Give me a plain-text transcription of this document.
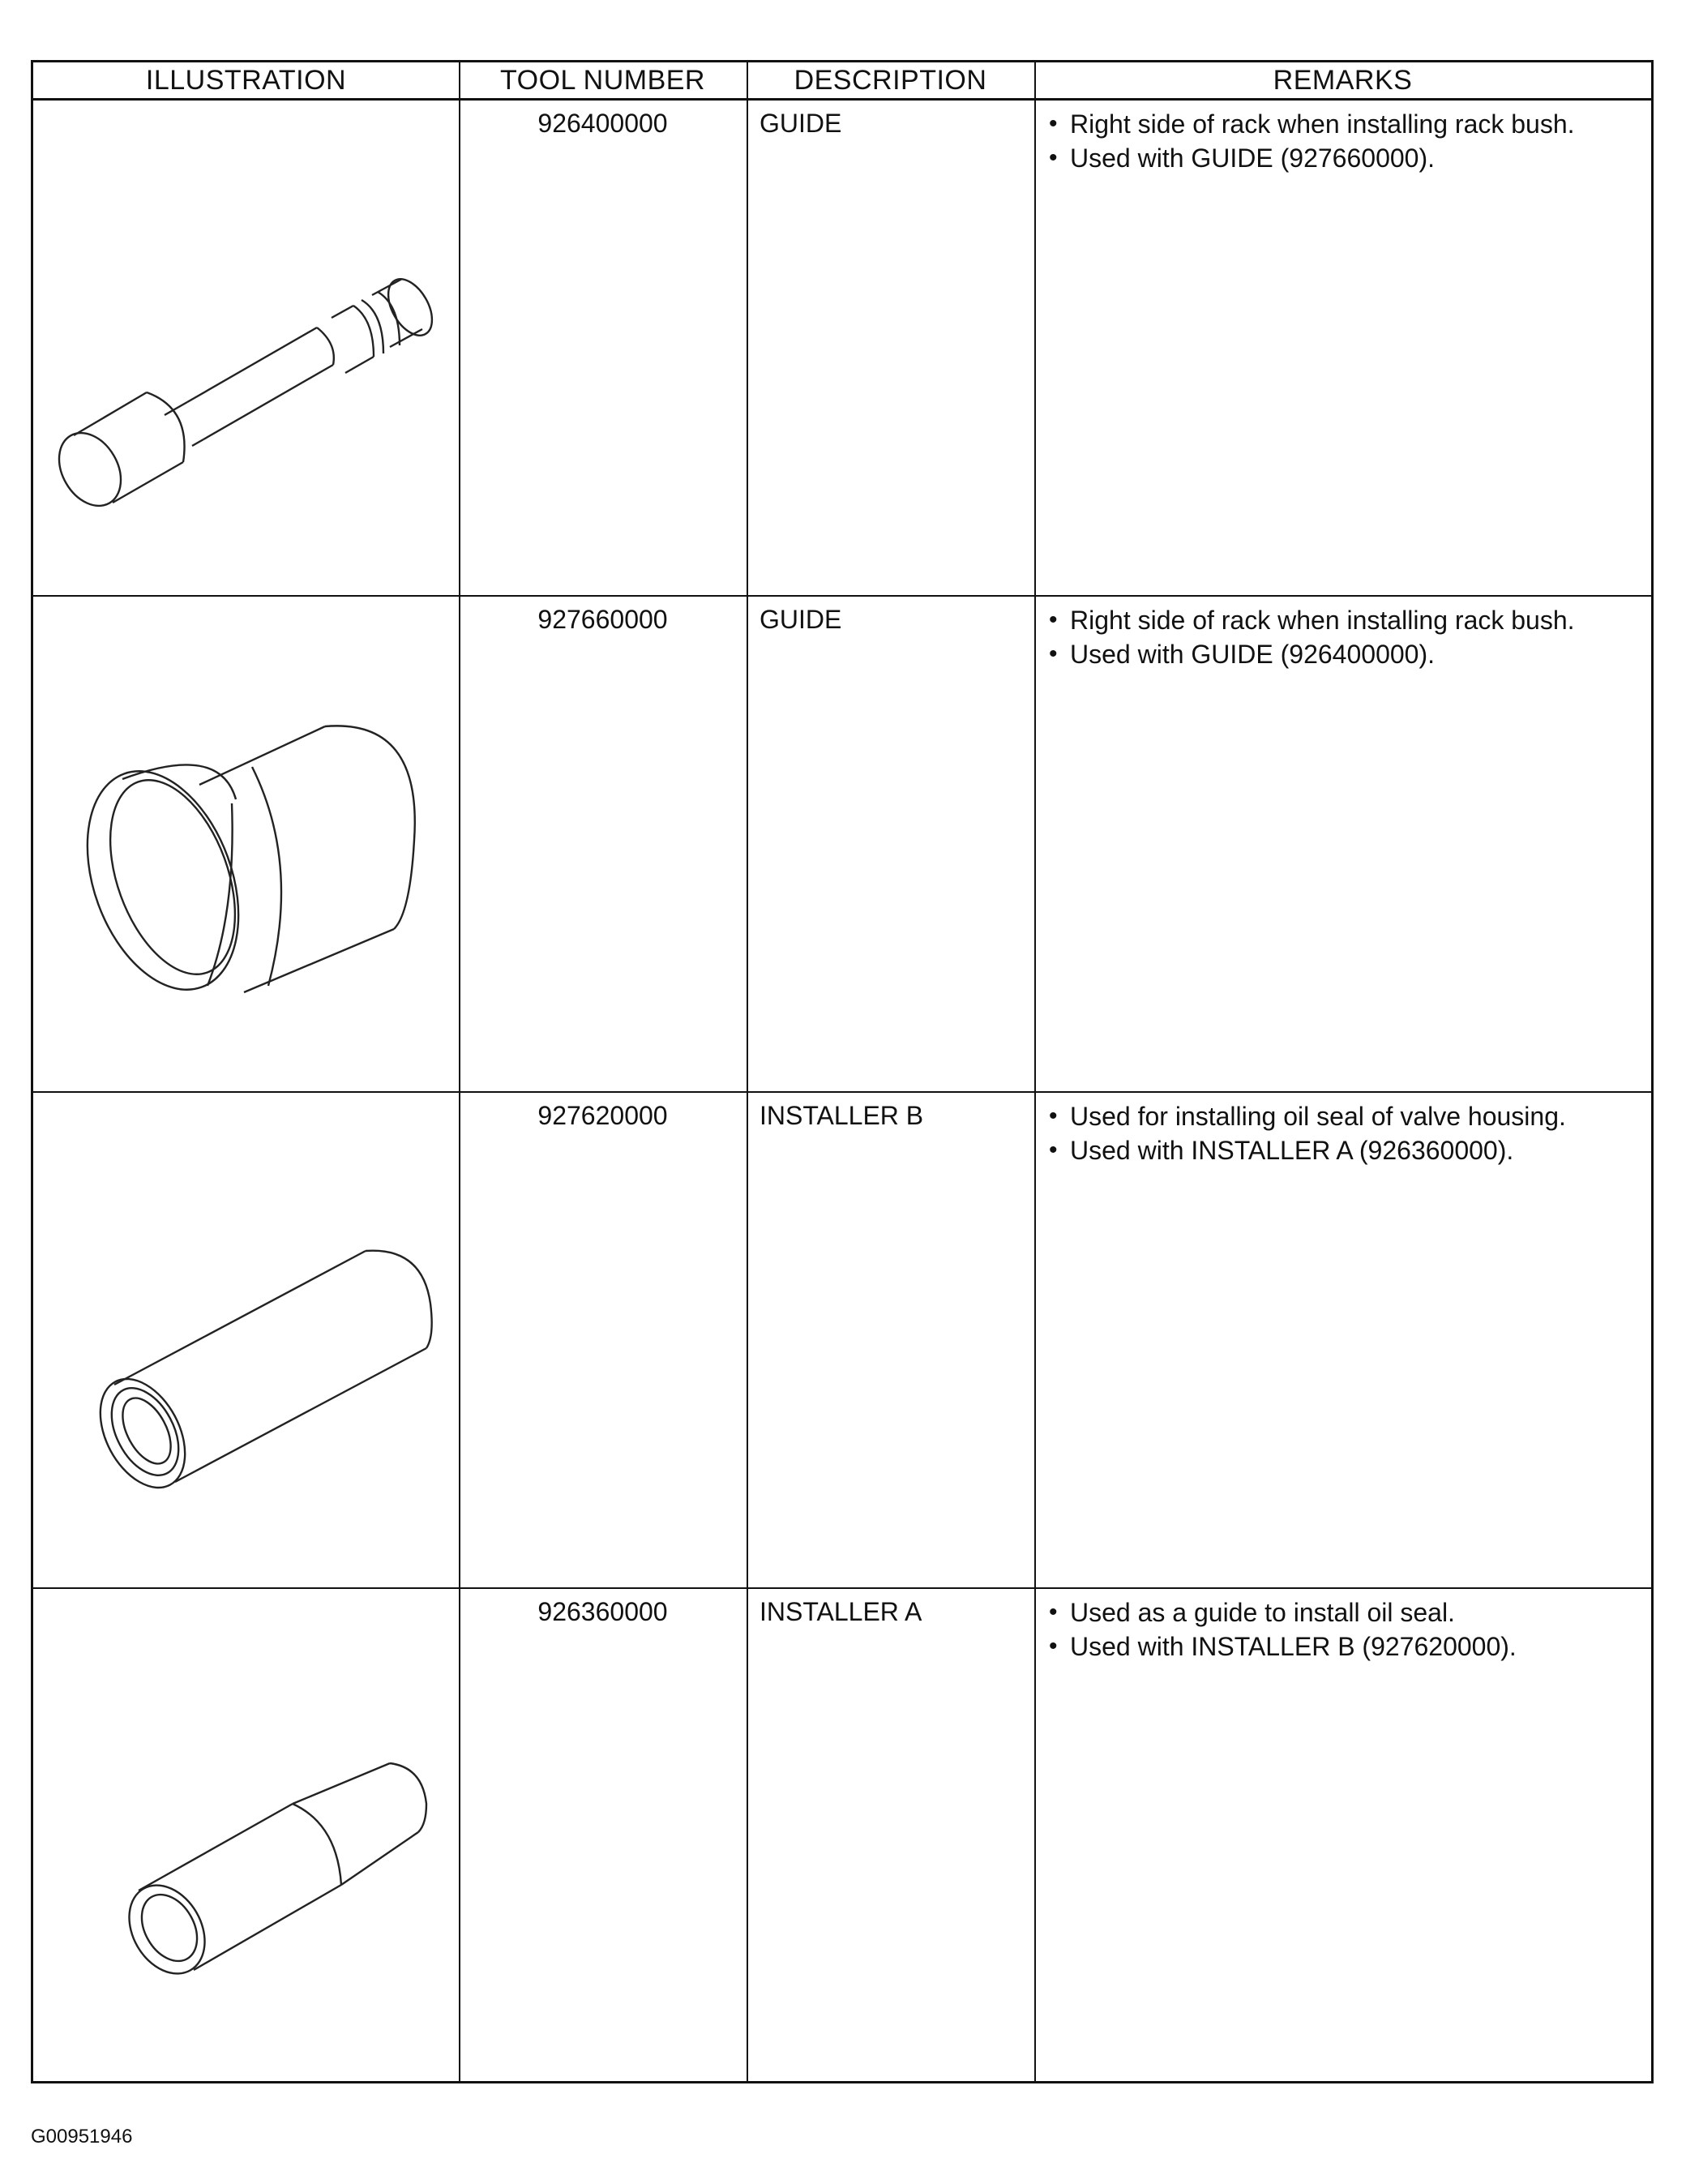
ILLUSTRATION	TOOL NUMBER	DESCRIPTION	REMARKS
926400000	GUIDE	• Right side of rack when installing rack bush.
• Used with GUIDE (927660000).
927660000	GUIDE	• Right side of rack when installing rack bush.
• Used with GUIDE (926400000).
927620000	INSTALLER B	• Used for installing oil seal of valve housing.
• Used with INSTALLER A (926360000).
926360000	INSTALLER A	• Used as a guide to install oil seal.
• Used with INSTALLER B (927620000).
G00951946
